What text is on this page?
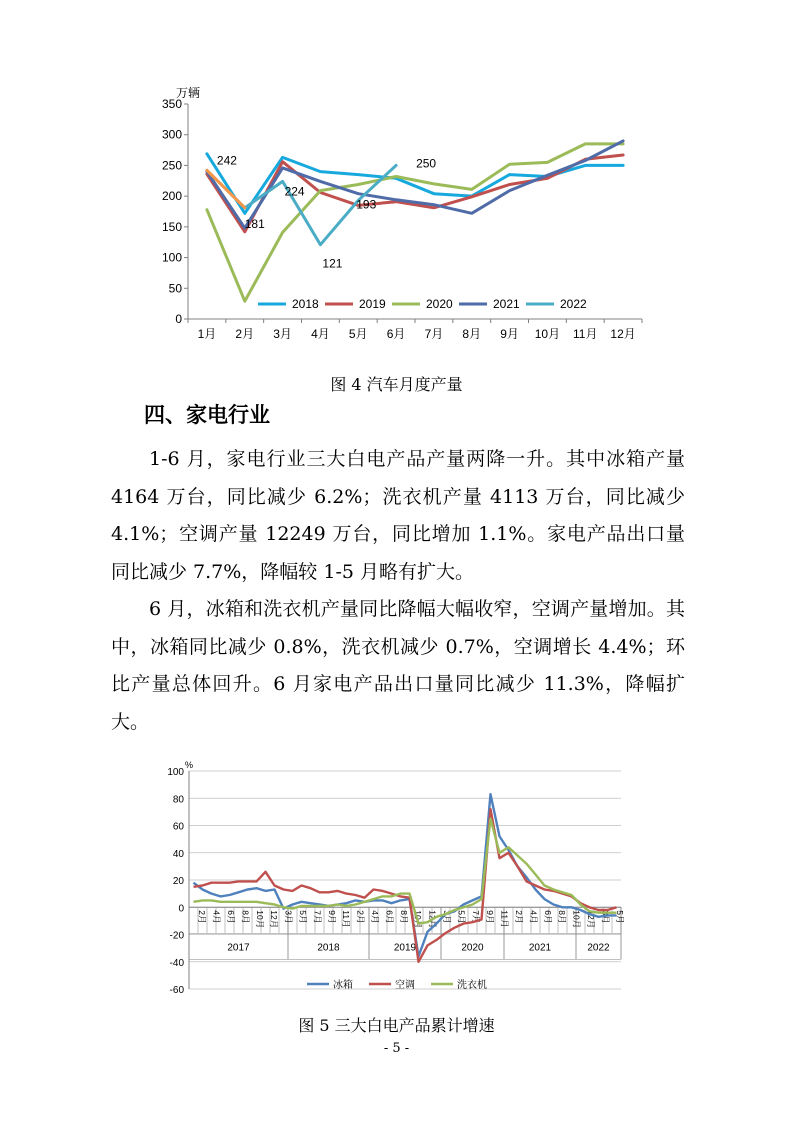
0
50
100
150
200
250
300
350
1月 2月 3月 4月 5月 6月 7月 8月 9月 10月 11月 12月
万辆
242
181
224
121
193
250
2018	2019	2020	2021	2022
图 4 汽车月度产量
四、家电行业

1-6 月，家电行业三大白电产品产量两降一升。其中冰箱产量 4164 万台，同比减少 6.2%；洗衣机产量 4113 万台，同比减少 4.1%；空调产量 12249 万台，同比增加 1.1%。家电产品出口量同比减少 7.7%，降幅较 1-5 月略有扩大。

6 月，冰箱和洗衣机产量同比降幅大幅收窄，空调产量增加。其中，冰箱同比减少 0.8%，洗衣机减少 0.7%，空调增长 4.4%；环比产量总体回升。6 月家电产品出口量同比减少 11.3%，降幅扩大。

-60
-40
-20
0
20
40
60
80
100
%
2017	2018	2019	2020	2021	2022
2月 4月 6月 8月 10月 12月 3月 5月 7月 9月 11月 2月 4月 6月 8月 10月 12月 3月 5月 7月 9月 11月 2月 4月 6月 8月 10月 12月 3月 5月
冰箱	空调	洗衣机
图 5 三大白电产品累计增速
- 5 -
